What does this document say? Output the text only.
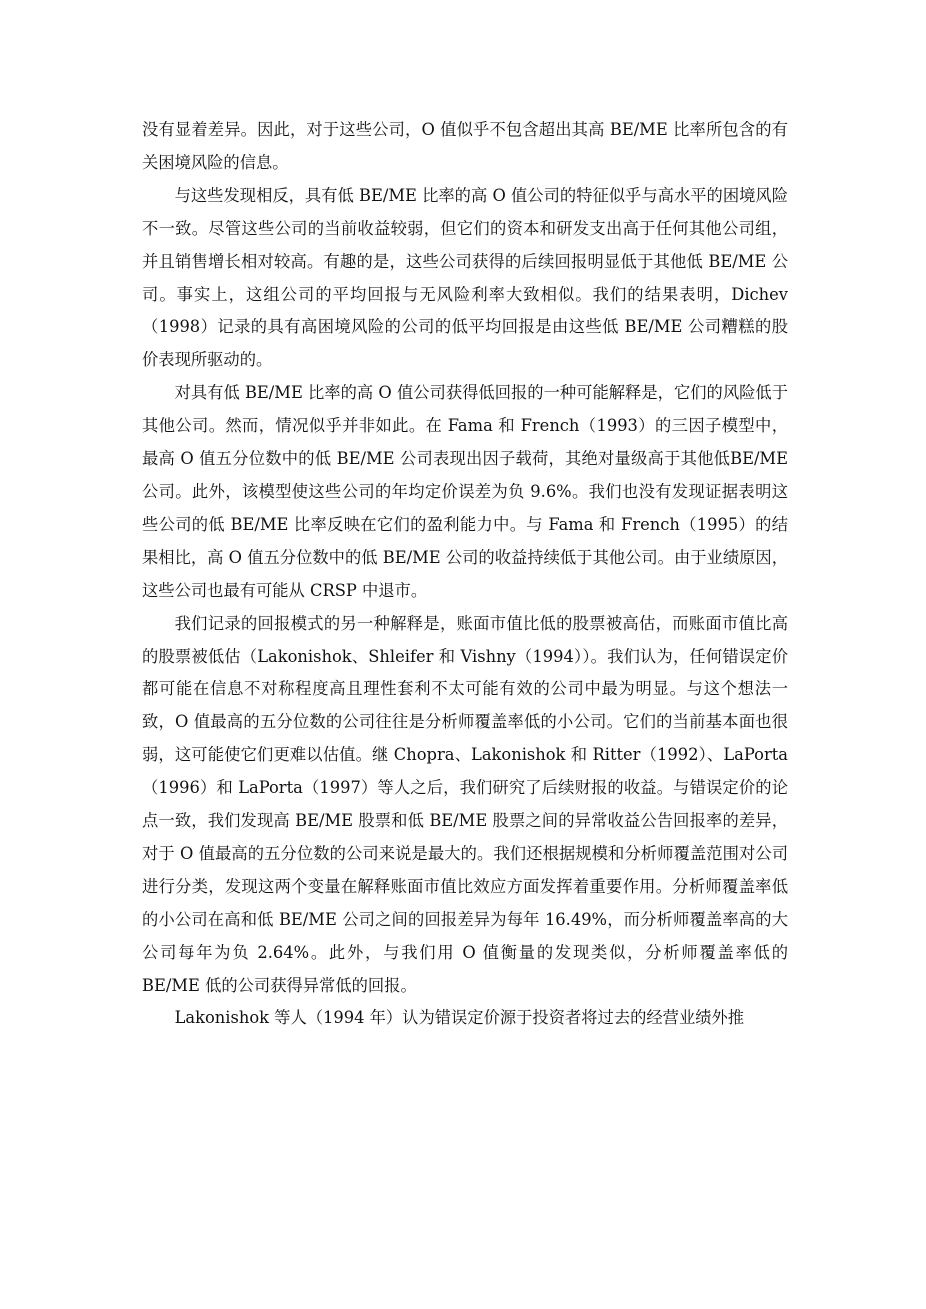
没有显着差异。因此，对于这些公司，O 值似乎不包含超出其高 BE/ME 比率所包含的有关困境风险的信息。

与这些发现相反，具有低 BE/ME 比率的高 O 值公司的特征似乎与高水平的困境风险不一致。尽管这些公司的当前收益较弱，但它们的资本和研发支出高于任何其他公司组，并且销售增长相对较高。有趣的是，这些公司获得的后续回报明显低于其他低 BE/ME 公司。事实上，这组公司的平均回报与无风险利率大致相似。我们的结果表明，Dichev（1998）记录的具有高困境风险的公司的低平均回报是由这些低 BE/ME 公司糟糕的股价表现所驱动的。

对具有低 BE/ME 比率的高 O 值公司获得低回报的一种可能解释是，它们的风险低于其他公司。然而，情况似乎并非如此。在 Fama 和 French（1993）的三因子模型中，最高 O 值五分位数中的低 BE/ME 公司表现出因子载荷，其绝对量级高于其他低BE/ME 公司。此外，该模型使这些公司的年均定价误差为负 9.6%。我们也没有发现证据表明这些公司的低 BE/ME 比率反映在它们的盈利能力中。与 Fama 和 French（1995）的结果相比，高 O 值五分位数中的低 BE/ME 公司的收益持续低于其他公司。由于业绩原因，这些公司也最有可能从 CRSP 中退市。

我们记录的回报模式的另一种解释是，账面市值比低的股票被高估，而账面市值比高的股票被低估（Lakonishok、Shleifer 和 Vishny（1994））。我们认为，任何错误定价都可能在信息不对称程度高且理性套利不太可能有效的公司中最为明显。与这个想法一致，O 值最高的五分位数的公司往往是分析师覆盖率低的小公司。它们的当前基本面也很弱，这可能使它们更难以估值。继 Chopra、Lakonishok 和 Ritter（1992）、LaPorta（1996）和 LaPorta（1997）等人之后，我们研究了后续财报的收益。与错误定价的论点一致，我们发现高 BE/ME 股票和低 BE/ME 股票之间的异常收益公告回报率的差异，对于 O 值最高的五分位数的公司来说是最大的。我们还根据规模和分析师覆盖范围对公司进行分类，发现这两个变量在解释账面市值比效应方面发挥着重要作用。分析师覆盖率低的小公司在高和低 BE/ME 公司之间的回报差异为每年 16.49%，而分析师覆盖率高的大公司每年为负 2.64%。此外，与我们用 O 值衡量的发现类似，分析师覆盖率低的 BE/ME 低的公司获得异常低的回报。

Lakonishok 等人（1994 年）认为错误定价源于投资者将过去的经营业绩外推
